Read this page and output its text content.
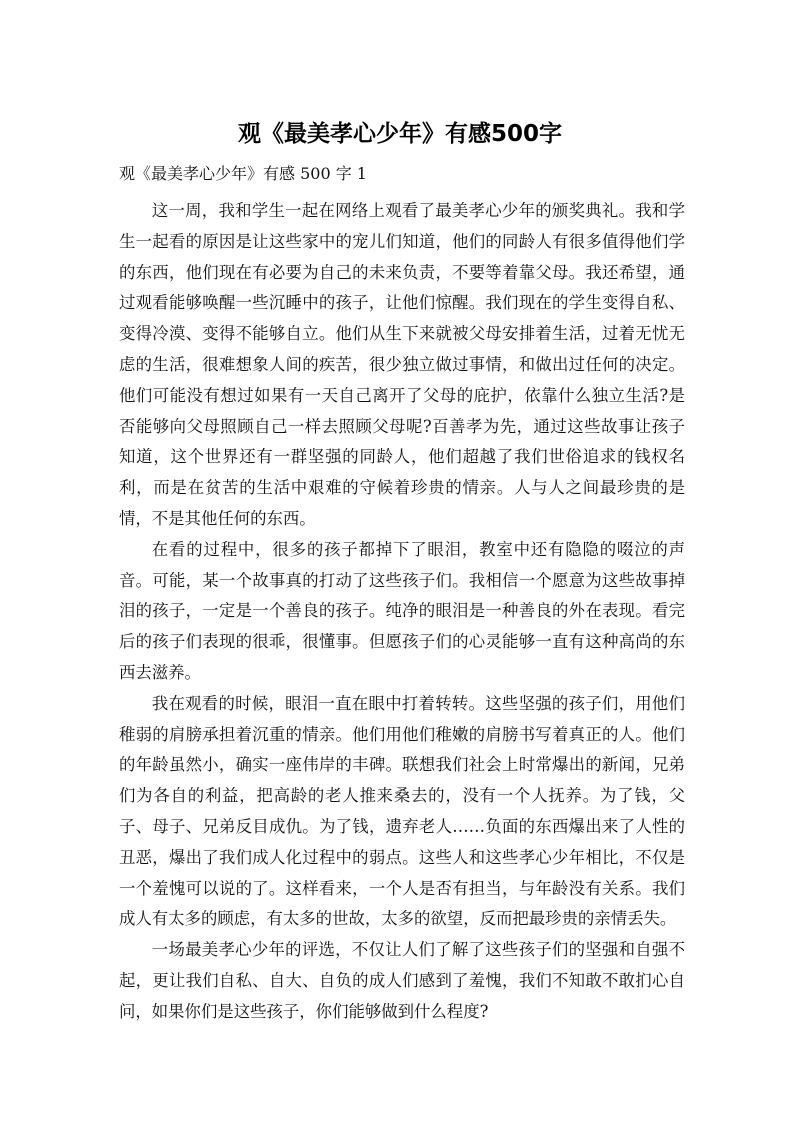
观《最美孝心少年》有感500字
观《最美孝心少年》有感 500 字 1

这一周，我和学生一起在网络上观看了最美孝心少年的颁奖典礼。我和学生一起看的原因是让这些家中的宠儿们知道，他们的同龄人有很多值得他们学的东西，他们现在有必要为自己的未来负责，不要等着靠父母。我还希望，通过观看能够唤醒一些沉睡中的孩子，让他们惊醒。我们现在的学生变得自私、变得冷漠、变得不能够自立。他们从生下来就被父母安排着生活，过着无忧无虑的生活，很难想象人间的疾苦，很少独立做过事情，和做出过任何的决定。他们可能没有想过如果有一天自己离开了父母的庇护，依靠什么独立生活?是否能够向父母照顾自己一样去照顾父母呢?百善孝为先，通过这些故事让孩子知道，这个世界还有一群坚强的同龄人，他们超越了我们世俗追求的钱权名利，而是在贫苦的生活中艰难的守候着珍贵的情亲。人与人之间最珍贵的是情，不是其他任何的东西。

在看的过程中，很多的孩子都掉下了眼泪，教室中还有隐隐的啜泣的声音。可能，某一个故事真的打动了这些孩子们。我相信一个愿意为这些故事掉泪的孩子，一定是一个善良的孩子。纯净的眼泪是一种善良的外在表现。看完后的孩子们表现的很乖，很懂事。但愿孩子们的心灵能够一直有这种高尚的东西去滋养。

我在观看的时候，眼泪一直在眼中打着转转。这些坚强的孩子们，用他们稚弱的肩膀承担着沉重的情亲。他们用他们稚嫩的肩膀书写着真正的人。他们的年龄虽然小，确实一座伟岸的丰碑。联想我们社会上时常爆出的新闻，兄弟们为各自的利益，把高龄的老人推来桑去的，没有一个人抚养。为了钱，父子、母子、兄弟反目成仇。为了钱，遗弃老人……负面的东西爆出来了人性的丑恶，爆出了我们成人化过程中的弱点。这些人和这些孝心少年相比，不仅是一个羞愧可以说的了。这样看来，一个人是否有担当，与年龄没有关系。我们成人有太多的顾虑，有太多的世故，太多的欲望，反而把最珍贵的亲情丢失。

一场最美孝心少年的评选，不仅让人们了解了这些孩子们的坚强和自强不起，更让我们自私、自大、自负的成人们感到了羞愧，我们不知敢不敢扪心自问，如果你们是这些孩子，你们能够做到什么程度?
